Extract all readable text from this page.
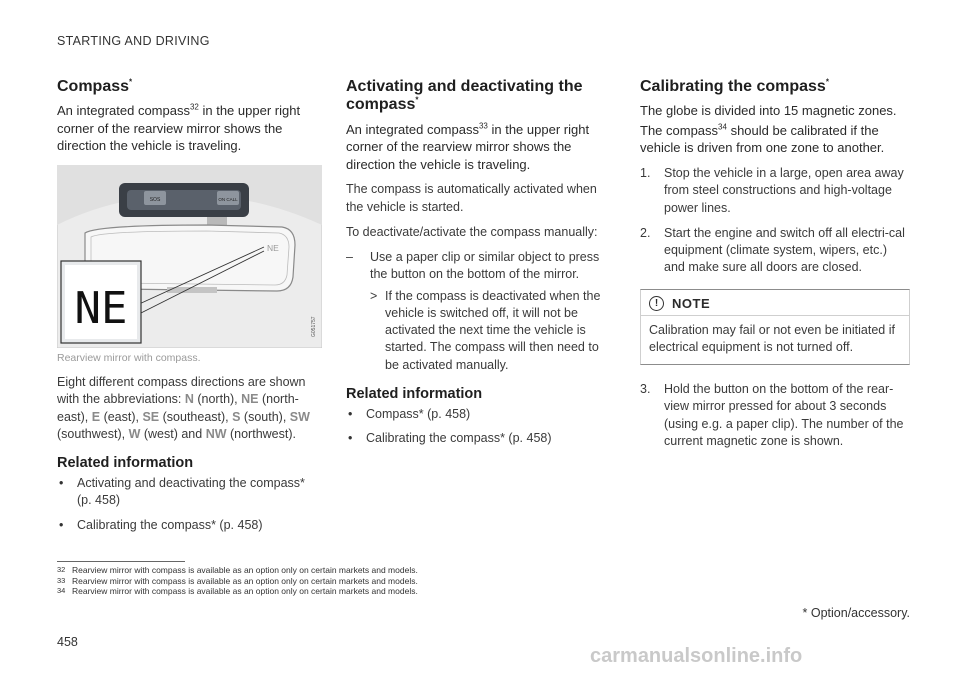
STARTING AND DRIVING
Compass*
An integrated compass$^{32}$ in the upper right corner of the rearview mirror shows the direction the vehicle is traveling.
SOS	ON CALL
NE
NE	G051757
Rearview mirror with compass.

Eight different compass directions are shown with the abbreviations: N (north), NE (north-east), E (east), SE (southeast), S (south), SW (southwest), W (west) and NW (northwest).

Related information
• Activating and deactivating the compass* (p. 458)
• Calibrating the compass* (p. 458)
Activating and deactivating the compass*
An integrated compass$^{33}$ in the upper right corner of the rearview mirror shows the direction the vehicle is traveling.

The compass is automatically activated when the vehicle is started.

To deactivate/activate the compass manually:

– Use a paper clip or similar object to press the button on the bottom of the mirror.
> If the compass is deactivated when the vehicle is switched off, it will not be activated the next time the vehicle is started. The compass will then need to be activated manually.
Related information
• Compass* (p. 458)
• Calibrating the compass* (p. 458)
Calibrating the compass*
The globe is divided into 15 magnetic zones.
The compass$^{34}$ should be calibrated if the vehicle is driven from one zone to another.
1. Stop the vehicle in a large, open area away from steel constructions and high-voltage power lines.
2. Start the engine and switch off all electri-cal equipment (climate system, wipers, etc.) and make sure all doors are closed.
!	NOTE
Calibration may fail or not even be initiated if electrical equipment is not turned off.
3. Hold the button on the bottom of the rear-view mirror pressed for about 3 seconds (using e.g. a paper clip). The number of the current magnetic zone is shown.
32 Rearview mirror with compass is available as an option only on certain markets and models.
33 Rearview mirror with compass is available as an option only on certain markets and models.
34 Rearview mirror with compass is available as an option only on certain markets and models.
* Option/accessory.
458
carmanualsonline.info
